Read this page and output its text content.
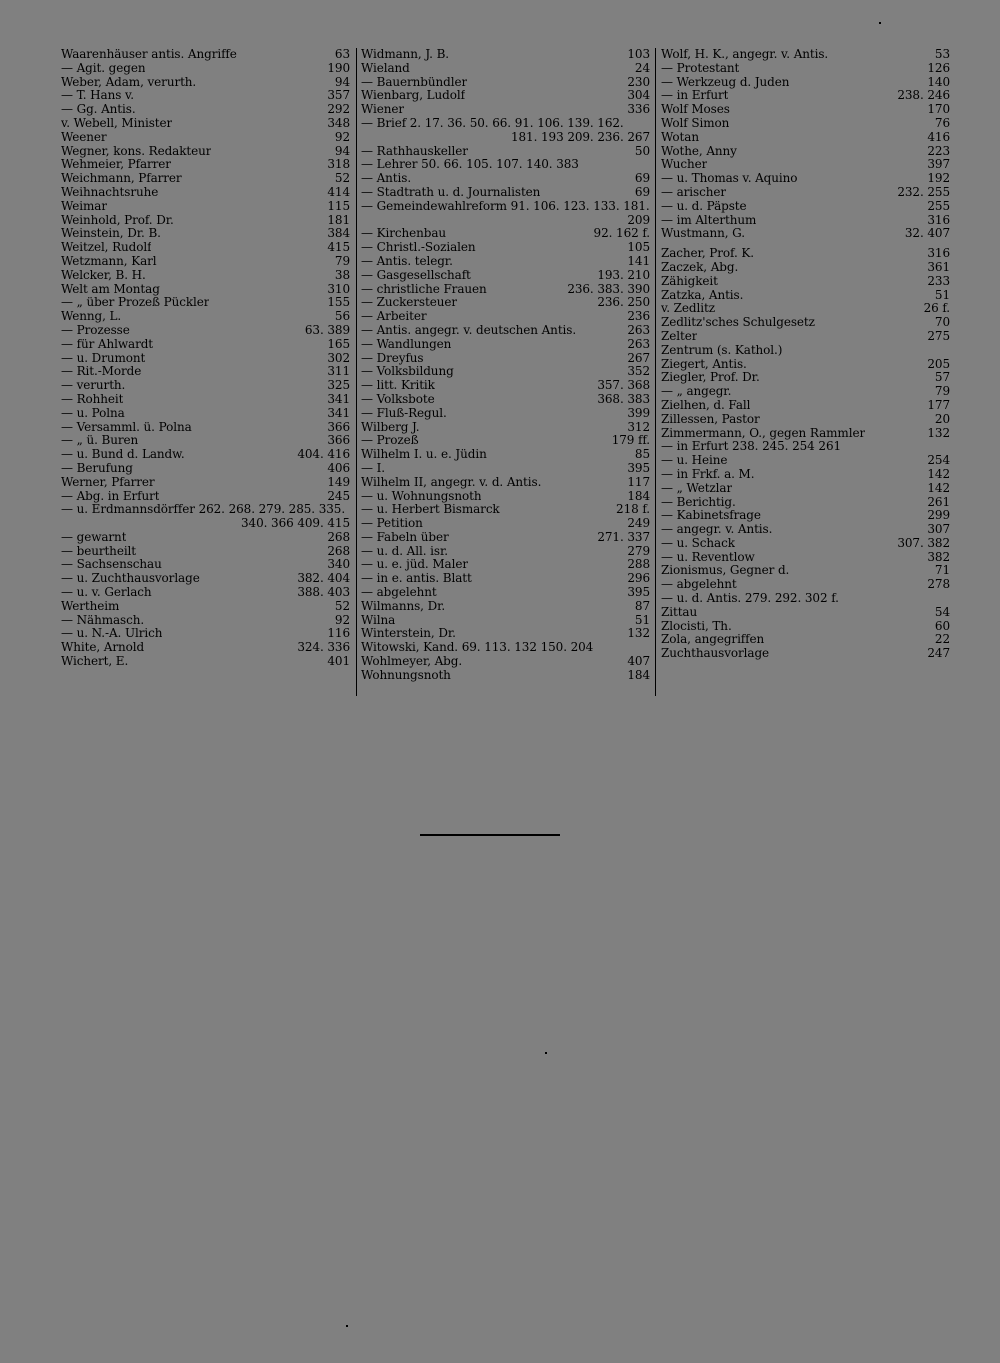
Waarenhäuser antis. Angriffe	63
— Agit. gegen	190
Weber, Adam, verurth.	94
— T. Hans v.	357
— Gg. Antis.	292
v. Webell, Minister	348
Weener	92
Wegner, kons. Redakteur	94
Wehmeier, Pfarrer	318
Weichmann, Pfarrer	52
Weihnachtsruhe	414
Weimar	115
Weinhold, Prof. Dr.	181
Weinstein, Dr. B.	384
Weitzel, Rudolf	415
Wetzmann, Karl	79
Welcker, B. H.	38
Welt am Montag	310
— „ über Prozeß Pückler	155
Wenng, L.	56
— Prozesse	63. 389
— für Ahlwardt	165
— u. Drumont	302
— Rit.-Morde	311
— verurth.	325
— Rohheit	341
— u. Polna	341
— Versamml. ü. Polna	366
— „ ü. Buren	366
— u. Bund d. Landw.	404. 416
— Berufung	406
Werner, Pfarrer	149
— Abg. in Erfurt	245
— u. Erdmannsdörffer 262. 268. 279. 285. 335.
340. 366 409. 415
— gewarnt	268
— beurtheilt	268
— Sachsenschau	340
— u. Zuchthausvorlage	382. 404
— u. v. Gerlach	388. 403
Wertheim	52
— Nähmasch.	92
— u. N.-A. Ulrich	116
White, Arnold	324. 336
Wichert, E.	401
Widmann, J. B.	103
Wieland	24
— Bauernbündler	230
Wienbarg, Ludolf	304
Wiener	336
— Brief 2. 17. 36. 50. 66. 91. 106. 139. 162.
181. 193 209. 236. 267
— Rathhauskeller	50
— Lehrer 50. 66. 105. 107. 140. 383
— Antis.	69
— Stadtrath u. d. Journalisten	69
— Gemeindewahlreform 91. 106. 123. 133. 181.
209
— Kirchenbau	92. 162 f.
— Christl.-Sozialen	105
— Antis. telegr.	141
— Gasgesellschaft	193. 210
— christliche Frauen	236. 383. 390
— Zuckersteuer	236. 250
— Arbeiter	236
— Antis. angegr. v. deutschen Antis.	263
— Wandlungen	263
— Dreyfus	267
— Volksbildung	352
— litt. Kritik	357. 368
— Volksbote	368. 383
— Fluß-Regul.	399
Wilberg J.	312
— Prozeß	179 ff.
Wilhelm I. u. e. Jüdin	85
— I.	395
Wilhelm II, angegr. v. d. Antis.	117
— u. Wohnungsnoth	184
— u. Herbert Bismarck	218 f.
— Petition	249
— Fabeln über	271. 337
— u. d. All. isr.	279
— u. e. jüd. Maler	288
— in e. antis. Blatt	296
— abgelehnt	395
Wilmanns, Dr.	87
Wilna	51
Winterstein, Dr.	132
Witowski, Kand. 69. 113. 132 150. 204
Wohlmeyer, Abg.	407
Wohnungsnoth	184
Wolf, H. K., angegr. v. Antis.	53
— Protestant	126
— Werkzeug d. Juden	140
— in Erfurt	238. 246
Wolf Moses	170
Wolf Simon	76
Wotan	416
Wothe, Anny	223
Wucher	397
— u. Thomas v. Aquino	192
— arischer	232. 255
— u. d. Päpste	255
— im Alterthum	316
Wustmann, G.	32. 407
Zacher, Prof. K.	316
Zaczek, Abg.	361
Zähigkeit	233
Zatzka, Antis.	51
v. Zedlitz	26 f.
Zedlitz'sches Schulgesetz	70
Zelter	275
Zentrum (s. Kathol.)
Ziegert, Antis.	205
Ziegler, Prof. Dr.	57
— „ angegr.	79
Zielhen, d. Fall	177
Zillessen, Pastor	20
Zimmermann, O., gegen Rammler	132
— in Erfurt 238. 245. 254 261
— u. Heine	254
— in Frkf. a. M.	142
— „ Wetzlar	142
— Berichtig.	261
— Kabinetsfrage	299
— angegr. v. Antis.	307
— u. Schack	307. 382
— u. Reventlow	382
Zionismus, Gegner d.	71
— abgelehnt	278
— u. d. Antis. 279. 292. 302 f.
Zittau	54
Zlocisti, Th.	60
Zola, angegriffen	22
Zuchthausvorlage	247
